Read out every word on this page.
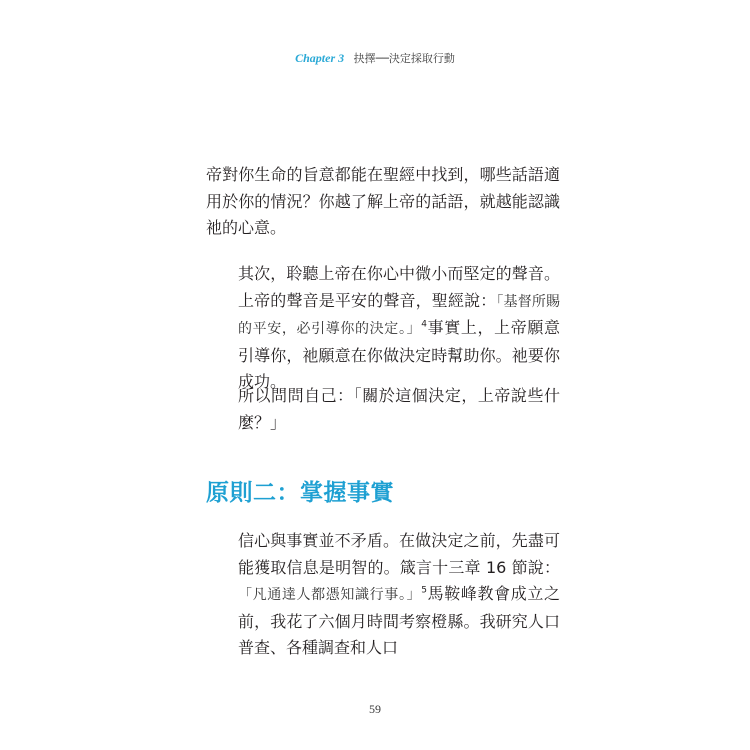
Chapter 3 抉擇──決定採取行動

帝對你生命的旨意都能在聖經中找到，哪些話語適用於你的情況？你越了解上帝的話語，就越能認識祂的心意。

其次，聆聽上帝在你心中微小而堅定的聲音。上帝的聲音是平安的聲音，聖經說：「基督所賜的平安，必引導你的決定。」$^4$事實上，上帝願意引導你，祂願意在你做決定時幫助你。祂要你成功。

所以問問自己：「關於這個決定，上帝說些什麼？」

原則二：掌握事實

信心與事實並不矛盾。在做決定之前，先盡可能獲取信息是明智的。箴言十三章 16 節說：「凡通達人都憑知識行事。」$^5$馬鞍峰教會成立之前，我花了六個月時間考察橙縣。我研究人口普查、各種調查和人口

59
